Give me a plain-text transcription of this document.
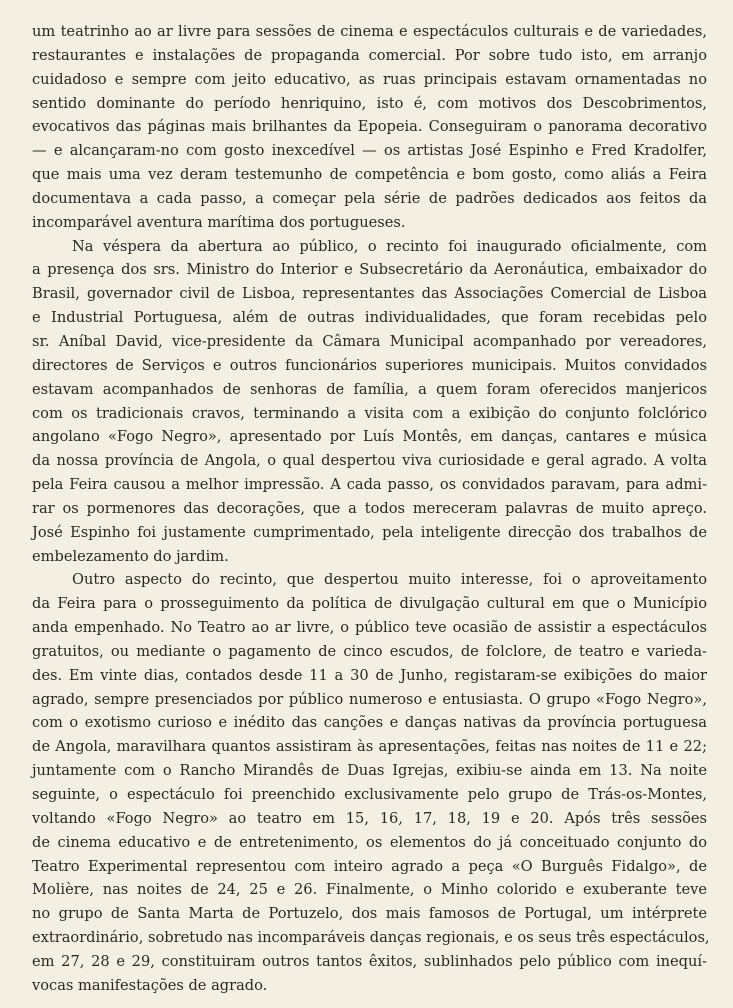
um teatrinho ao ar livre para sessões de cinema e espectáculos culturais e de variedades,
restaurantes e instalações de propaganda comercial. Por sobre tudo isto, em arranjo
cuidadoso e sempre com jeito educativo, as ruas principais estavam ornamentadas no
sentido dominante do período henriquino, isto é, com motivos dos Descobrimentos,
evocativos das páginas mais brilhantes da Epopeia. Conseguiram o panorama decorativo
— e alcançaram-no com gosto inexcedível — os artistas José Espinho e Fred Kradolfer,
que mais uma vez deram testemunho de competência e bom gosto, como aliás a Feira
documentava a cada passo, a começar pela série de padrões dedicados aos feitos da
incomparável aventura marítima dos portugueses.
Na véspera da abertura ao público, o recinto foi inaugurado oficialmente, com
a presença dos srs. Ministro do Interior e Subsecretário da Aeronáutica, embaixador do
Brasil, governador civil de Lisboa, representantes das Associações Comercial de Lisboa
e Industrial Portuguesa, além de outras individualidades, que foram recebidas pelo
sr. Aníbal David, vice-presidente da Câmara Municipal acompanhado por vereadores,
directores de Serviços e outros funcionários superiores municipais. Muitos convidados
estavam acompanhados de senhoras de família, a quem foram oferecidos manjericos
com os tradicionais cravos, terminando a visita com a exibição do conjunto folclórico
angolano «Fogo Negro», apresentado por Luís Montês, em danças, cantares e música
da nossa província de Angola, o qual despertou viva curiosidade e geral agrado. A volta
pela Feira causou a melhor impressão. A cada passo, os convidados paravam, para admi-
rar os pormenores das decorações, que a todos mereceram palavras de muito apreço.
José Espinho foi justamente cumprimentado, pela inteligente direcção dos trabalhos de
embelezamento do jardim.
Outro aspecto do recinto, que despertou muito interesse, foi o aproveitamento
da Feira para o prosseguimento da política de divulgação cultural em que o Município
anda empenhado. No Teatro ao ar livre, o público teve ocasião de assistir a espectáculos
gratuitos, ou mediante o pagamento de cinco escudos, de folclore, de teatro e varieda-
des. Em vinte dias, contados desde 11 a 30 de Junho, registaram-se exibições do maior
agrado, sempre presenciados por público numeroso e entusiasta. O grupo «Fogo Negro»,
com o exotismo curioso e inédito das canções e danças nativas da província portuguesa
de Angola, maravilhara quantos assistiram às apresentações, feitas nas noites de 11 e 22;
juntamente com o Rancho Mirandês de Duas Igrejas, exibiu-se ainda em 13. Na noite
seguinte, o espectáculo foi preenchido exclusivamente pelo grupo de Trás-os-Montes,
voltando «Fogo Negro» ao teatro em 15, 16, 17, 18, 19 e 20. Após três sessões
de cinema educativo e de entretenimento, os elementos do já conceituado conjunto do
Teatro Experimental representou com inteiro agrado a peça «O Burguês Fidalgo», de
Molière, nas noites de 24, 25 e 26. Finalmente, o Minho colorido e exuberante teve
no grupo de Santa Marta de Portuzelo, dos mais famosos de Portugal, um intérprete
extraordinário, sobretudo nas incomparáveis danças regionais, e os seus três espectáculos,
em 27, 28 e 29, constituiram outros tantos êxitos, sublinhados pelo público com inequí-
vocas manifestações de agrado.
